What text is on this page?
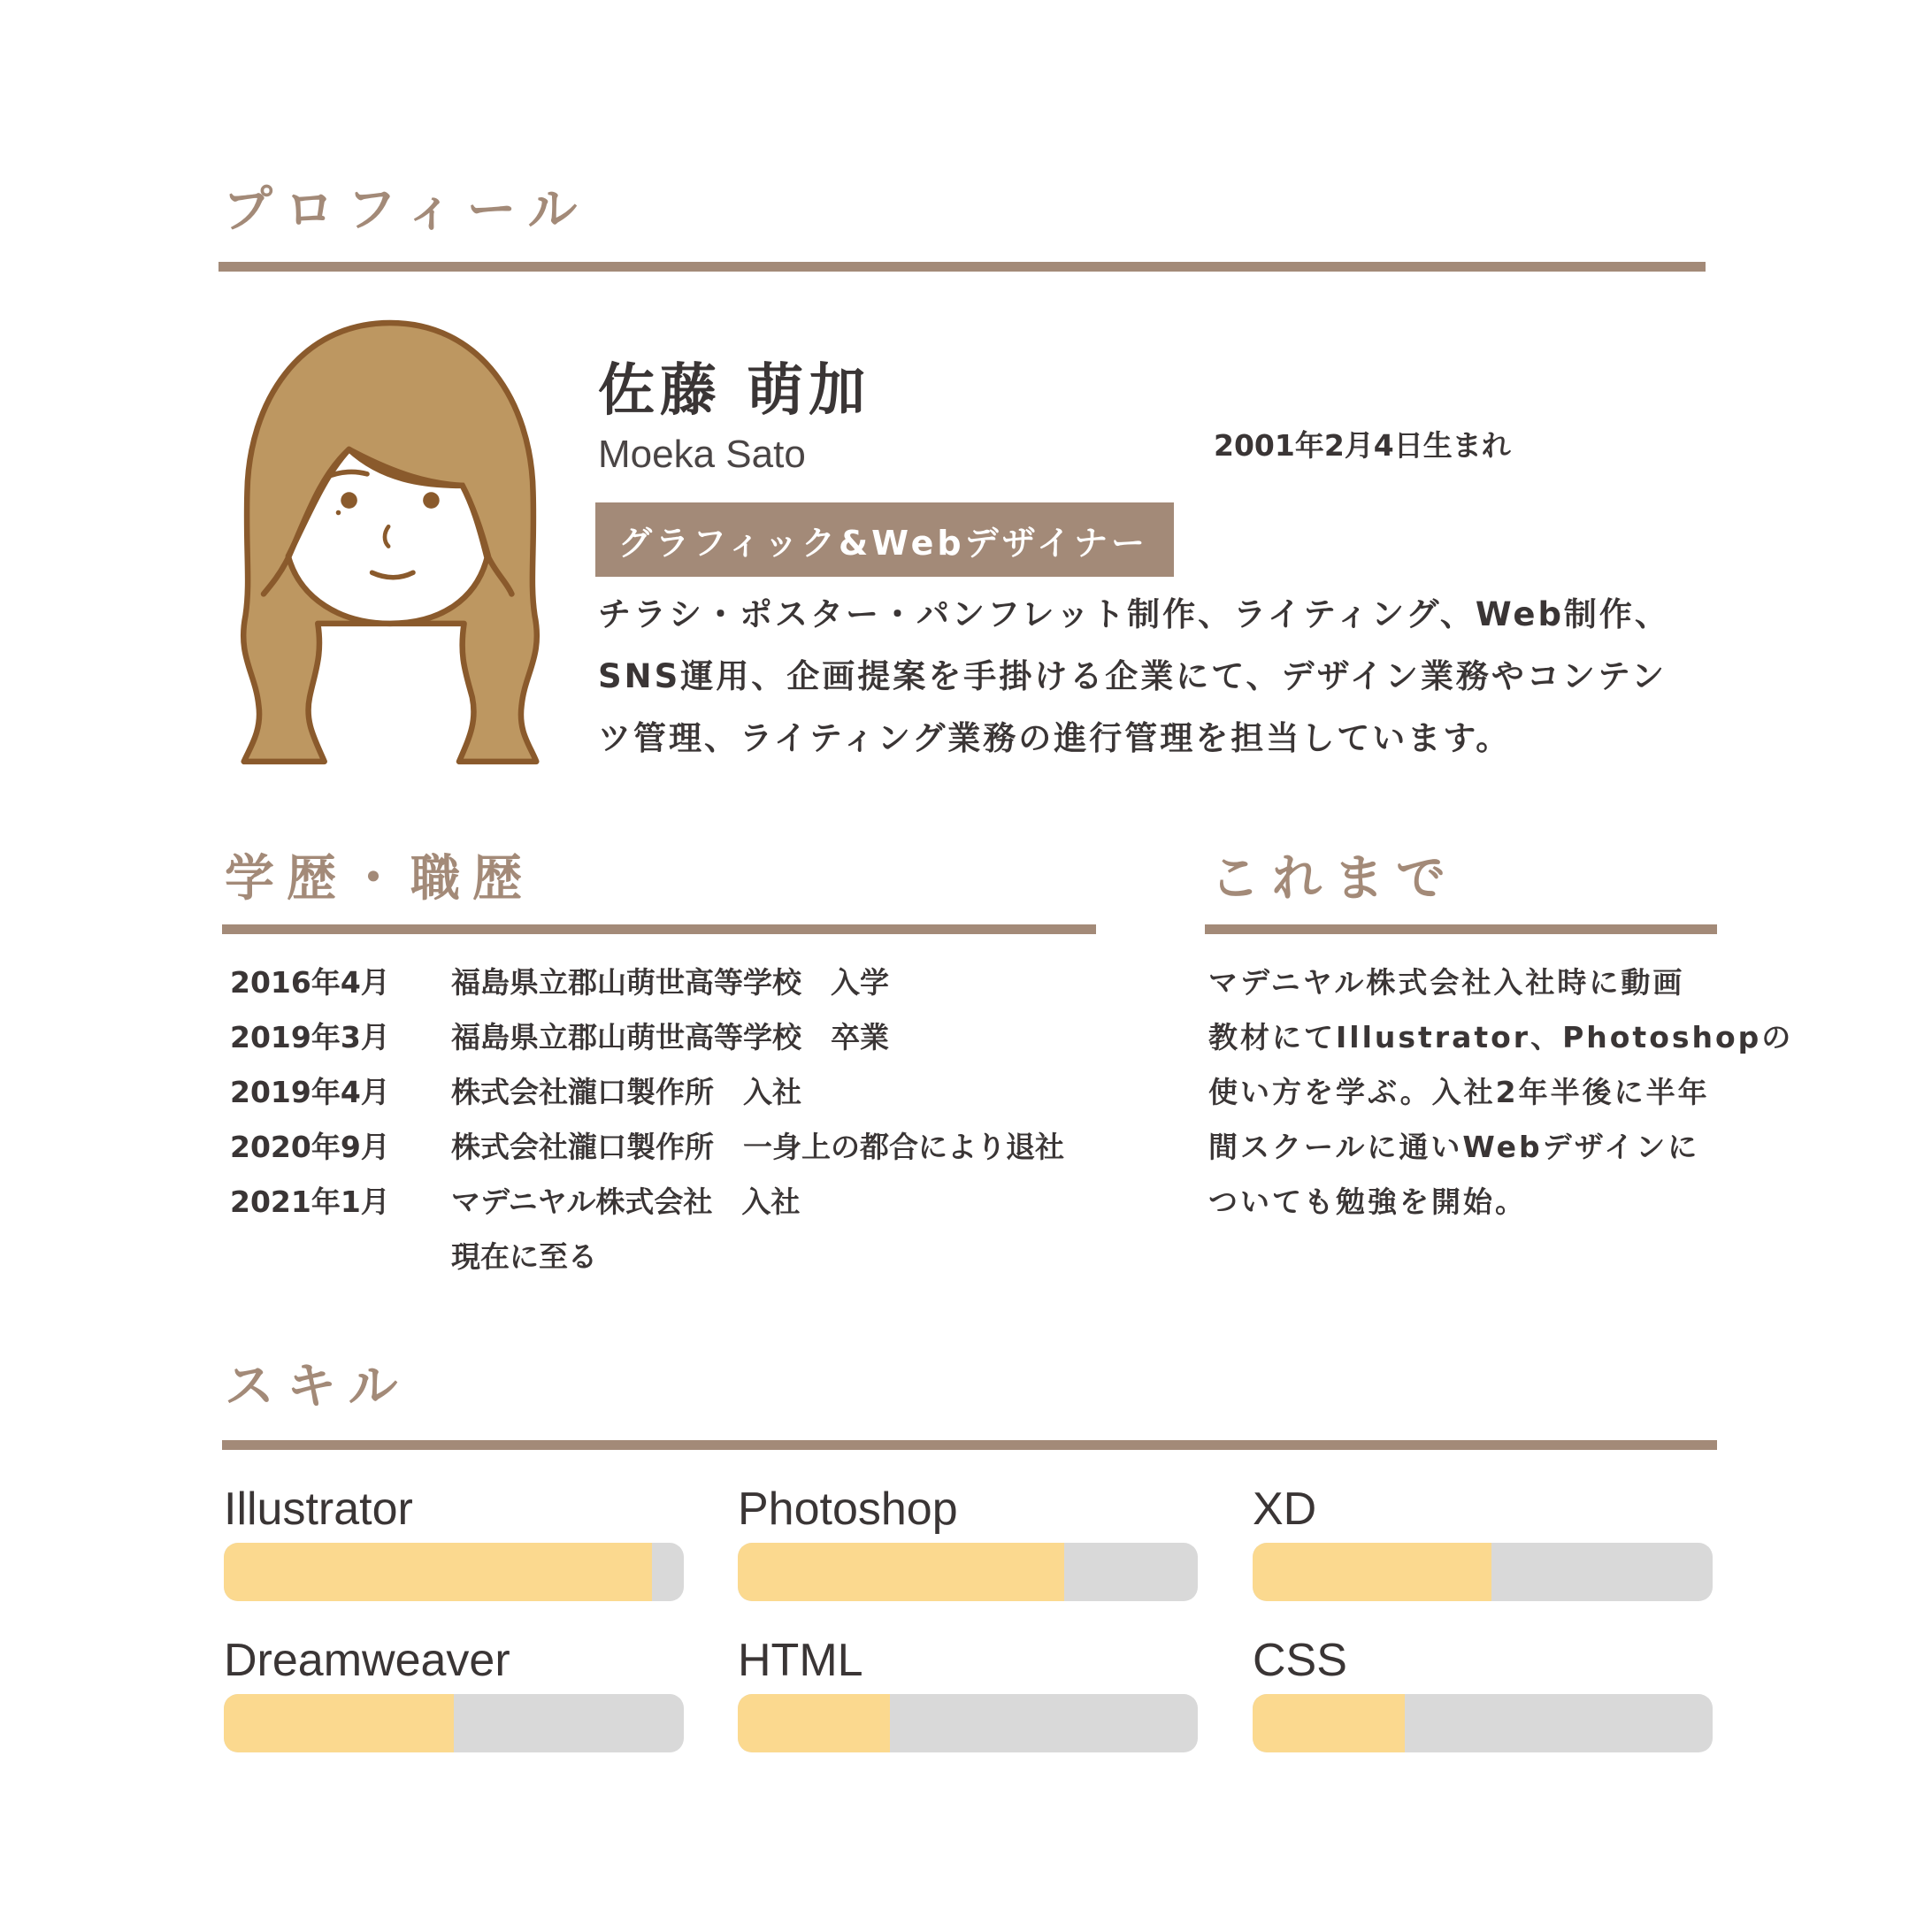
プロフィール
佐藤 萌加
Moeka Sato	2001年2月4日生まれ
グラフィック&Webデザイナー
チラシ・ポスター・パンフレット制作、ライティング、Web制作、
SNS運用、企画提案を手掛ける企業にて、デザイン業務やコンテン
ツ管理、ライティング業務の進行管理を担当しています。
学歴・職歴
2016年4月 福島県立郡山萌世高等学校　入学
2019年3月 福島県立郡山萌世高等学校　卒業
2019年4月 株式会社瀧口製作所　入社
2020年9月 株式会社瀧口製作所　一身上の都合により退社
2021年1月 マデニヤル株式会社　入社
現在に至る
これまで
マデニヤル株式会社入社時に動画
教材にてIllustrator、Photoshopの
使い方を学ぶ。入社2年半後に半年
間スクールに通いWebデザインに
ついても勉強を開始。
スキル
Illustrator	Photoshop	XD
Dreamweaver	HTML	CSS
